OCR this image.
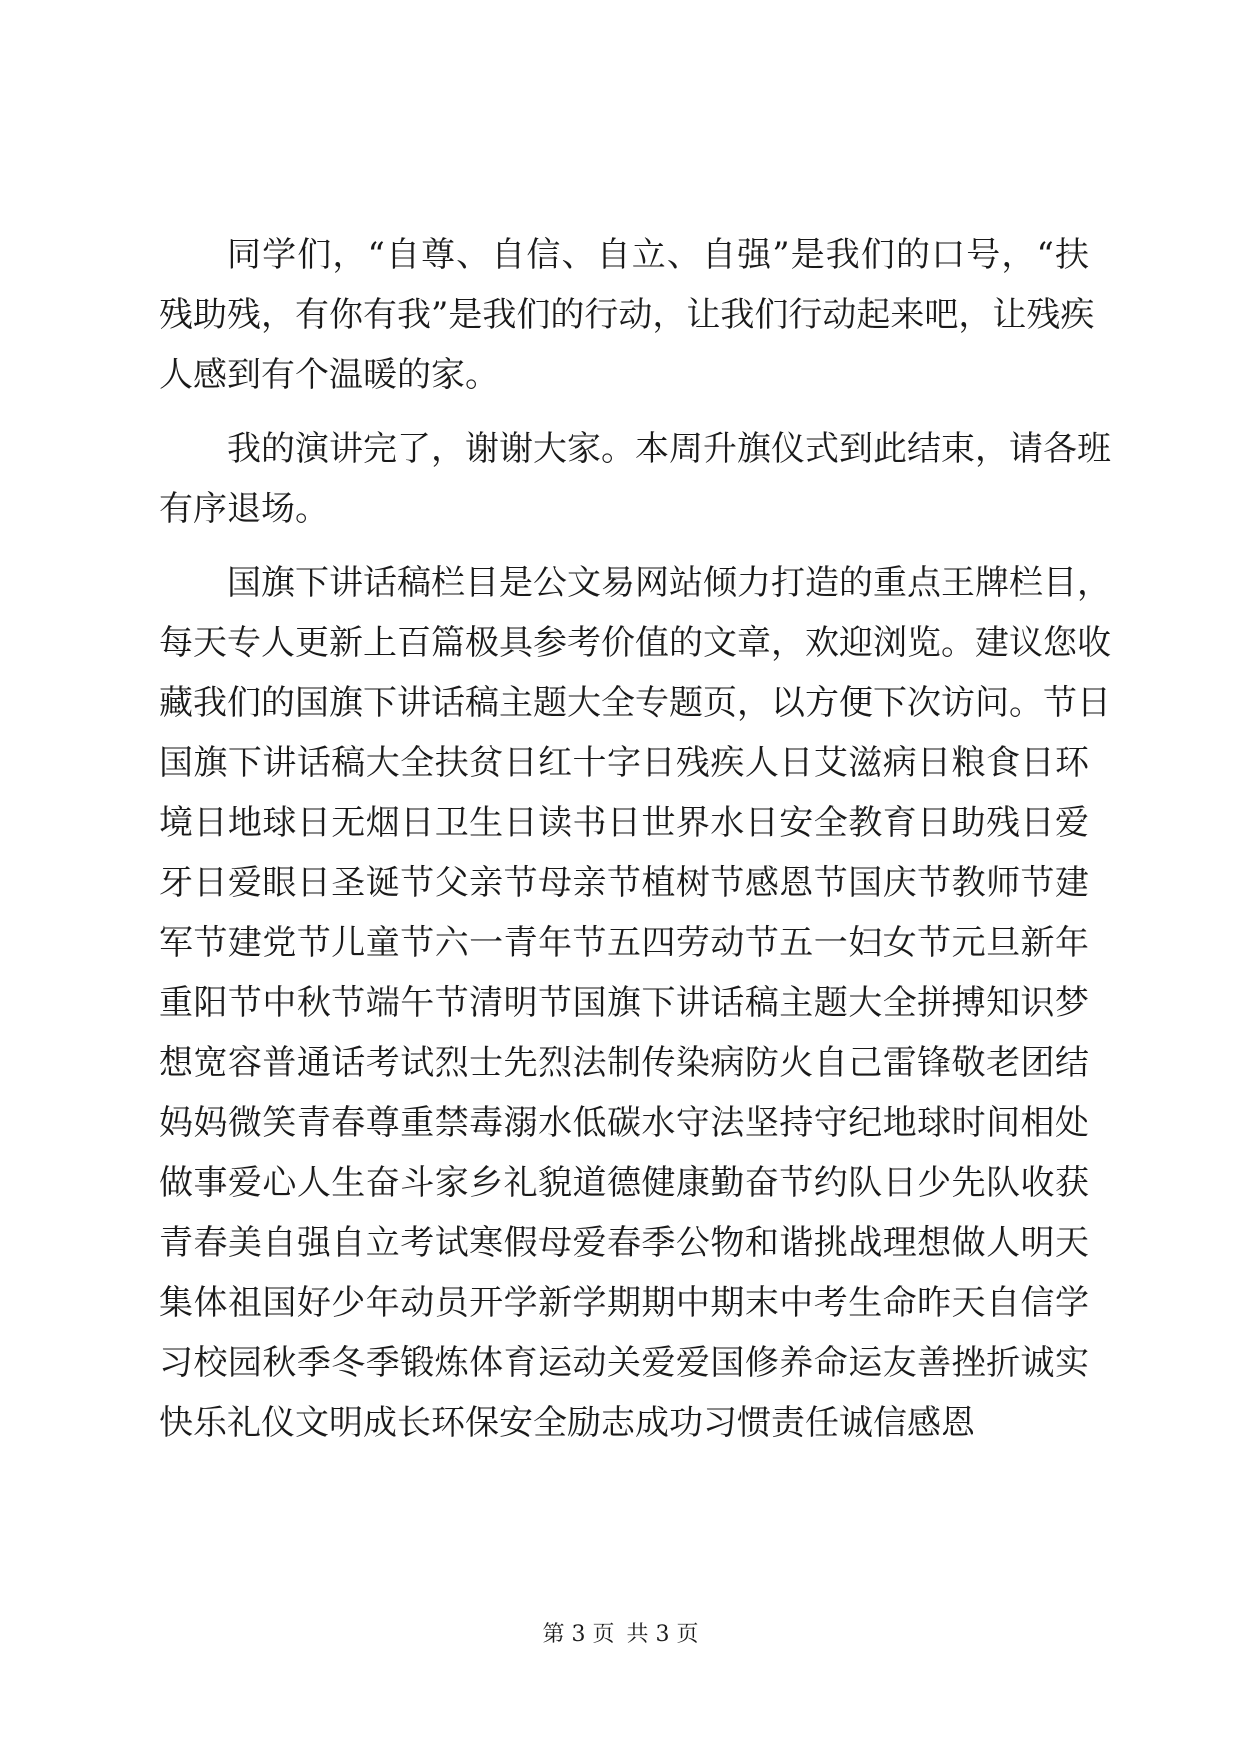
同学们，“自尊、自信、自立、自强”是我们的口号，“扶
残助残，有你有我”是我们的行动，让我们行动起来吧，让残疾
人感到有个温暖的家。
我的演讲完了，谢谢大家。本周升旗仪式到此结束，请各班
有序退场。
国旗下讲话稿栏目是公文易网站倾力打造的重点王牌栏目，
每天专人更新上百篇极具参考价值的文章，欢迎浏览。建议您收
藏我们的国旗下讲话稿主题大全专题页，以方便下次访问。节日
国旗下讲话稿大全扶贫日红十字日残疾人日艾滋病日粮食日环
境日地球日无烟日卫生日读书日世界水日安全教育日助残日爱
牙日爱眼日圣诞节父亲节母亲节植树节感恩节国庆节教师节建
军节建党节儿童节六一青年节五四劳动节五一妇女节元旦新年
重阳节中秋节端午节清明节国旗下讲话稿主题大全拼搏知识梦
想宽容普通话考试烈士先烈法制传染病防火自己雷锋敬老团结
妈妈微笑青春尊重禁毒溺水低碳水守法坚持守纪地球时间相处
做事爱心人生奋斗家乡礼貌道德健康勤奋节约队日少先队收获
青春美自强自立考试寒假母爱春季公物和谐挑战理想做人明天
集体祖国好少年动员开学新学期期中期末中考生命昨天自信学
习校园秋季冬季锻炼体育运动关爱爱国修养命运友善挫折诚实
快乐礼仪文明成长环保安全励志成功习惯责任诚信感恩
第 3 页 共 3 页
